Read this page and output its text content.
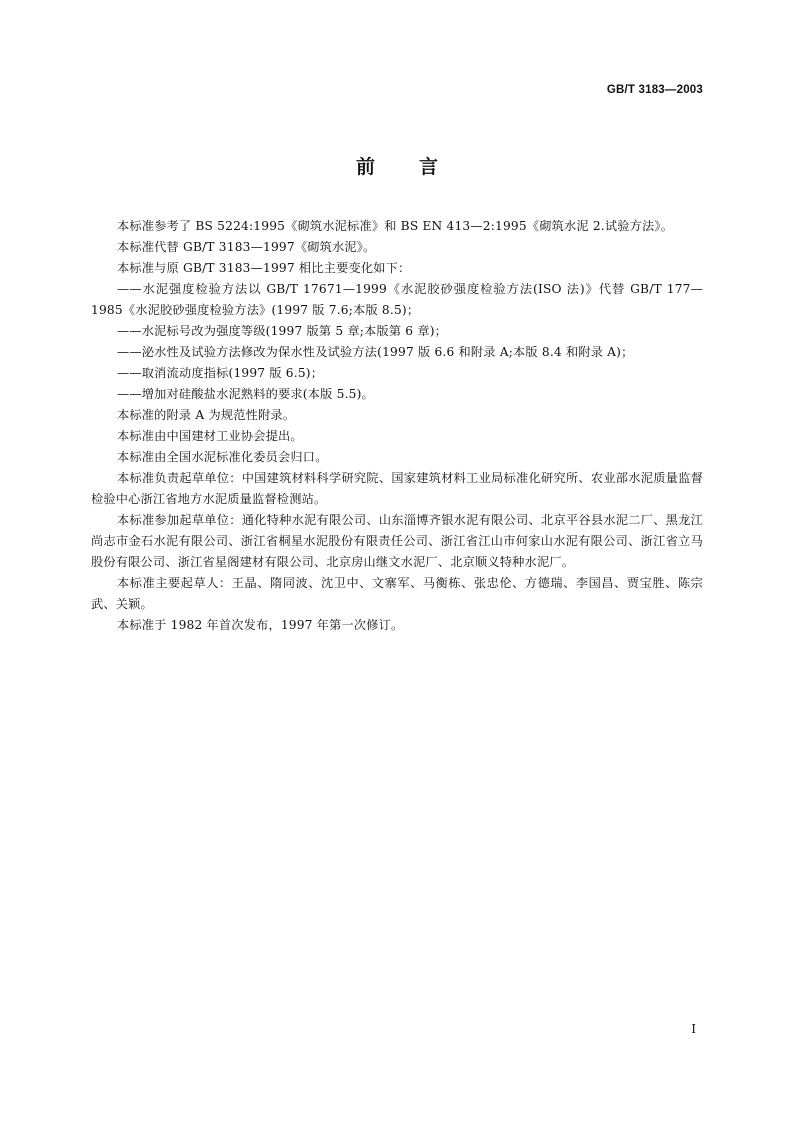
GB/T 3183—2003
前言

本标准参考了 BS 5224:1995《砌筑水泥标准》和 BS EN 413—2:1995《砌筑水泥 2.试验方法》。

本标准代替 GB/T 3183—1997《砌筑水泥》。

本标准与原 GB/T 3183—1997 相比主要变化如下：

——水泥强度检验方法以 GB/T 17671—1999《水泥胶砂强度检验方法(ISO 法)》代替 GB/T 177—1985《水泥胶砂强度检验方法》(1997 版 7.6;本版 8.5)；

——水泥标号改为强度等级(1997 版第 5 章;本版第 6 章)；

——泌水性及试验方法修改为保水性及试验方法(1997 版 6.6 和附录 A;本版 8.4 和附录 A)；

——取消流动度指标(1997 版 6.5)；

——增加对硅酸盐水泥熟料的要求(本版 5.5)。

本标准的附录 A 为规范性附录。

本标准由中国建材工业协会提出。

本标准由全国水泥标准化委员会归口。

本标准负责起草单位：中国建筑材料科学研究院、国家建筑材料工业局标准化研究所、农业部水泥质量监督检验中心浙江省地方水泥质量监督检测站。

本标准参加起草单位：通化特种水泥有限公司、山东淄博齐银水泥有限公司、北京平谷县水泥二厂、黑龙江尚志市金石水泥有限公司、浙江省桐星水泥股份有限责任公司、浙江省江山市何家山水泥有限公司、浙江省立马股份有限公司、浙江省星阁建材有限公司、北京房山继文水泥厂、北京顺义特种水泥厂。

本标准主要起草人：王晶、隋同波、沈卫中、文寨军、马衡栋、张忠伦、方德瑞、李国昌、贾宝胜、陈宗武、关颖。

本标准于 1982 年首次发布，1997 年第一次修订。

I
